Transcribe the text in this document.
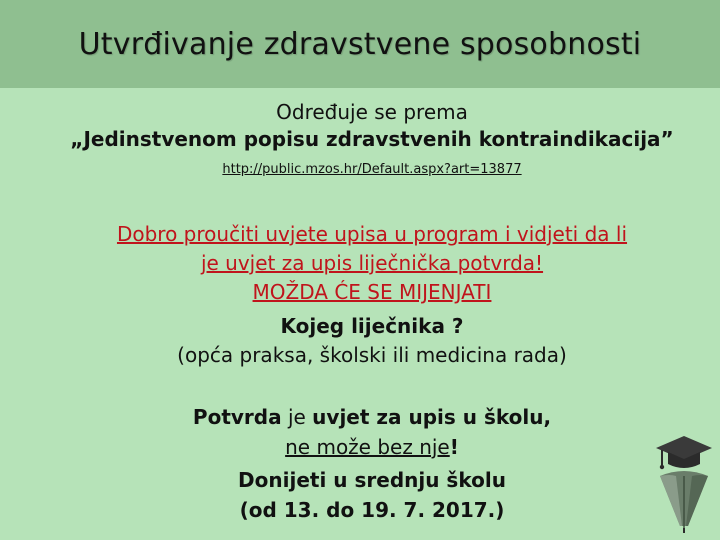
Utvrđivanje zdravstvene sposobnosti
Određuje se prema
„Jedinstvenom popisu zdravstvenih kontraindikacija”
http://public.mzos.hr/Default.aspx?art=13877
Dobro proučiti uvjete upisa u program i vidjeti da li
je uvjet za upis liječnička potvrda!
MOŽDA ĆE SE MIJENJATI
Kojeg liječnika ?
(opća praksa, školski ili medicina rada)
Potvrda je uvjet za upis u školu,
ne može bez nje!
Donijeti u srednju školu
(od 13. do 19. 7. 2017.)
